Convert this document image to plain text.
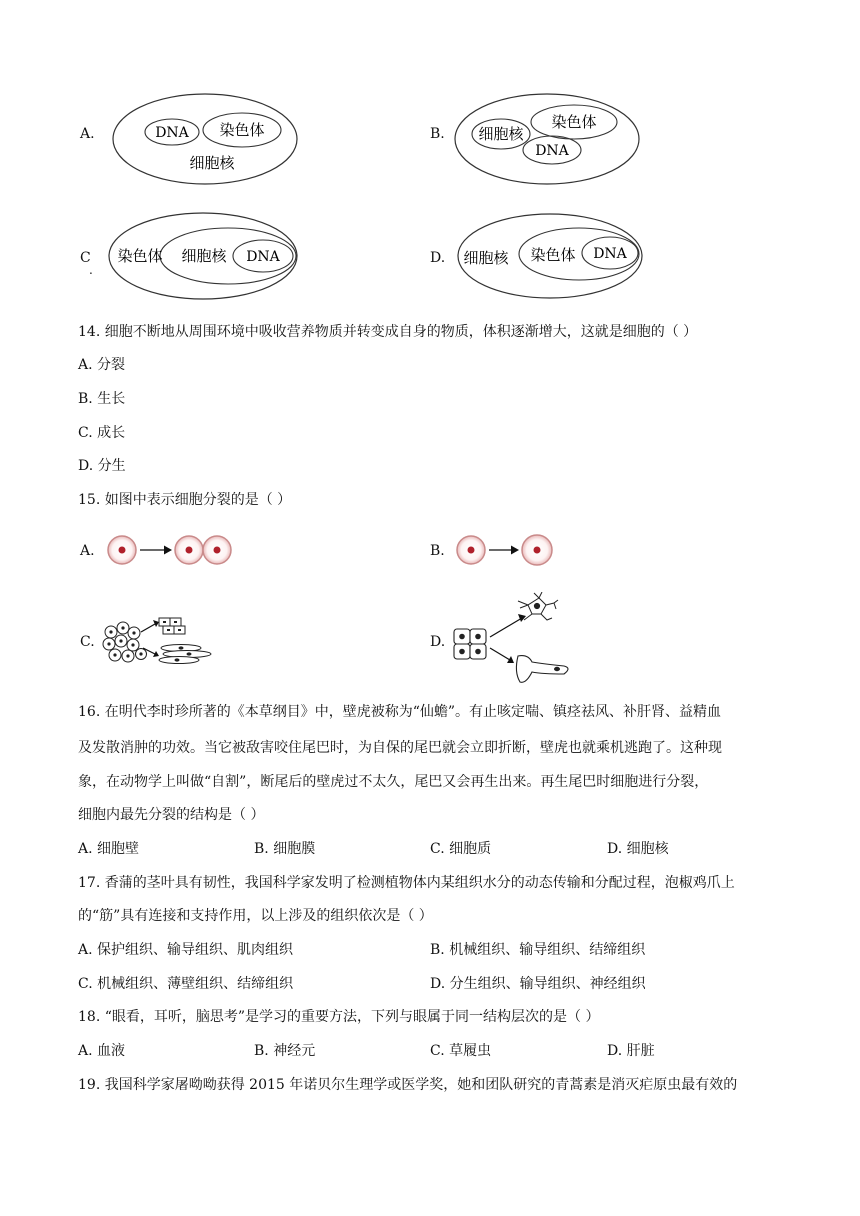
A.	DNA 染色体
细胞核
B. 细胞核
染色体
DNA
C
.
染色体 细胞核 DNA	D. 细胞核 染色体 DNA
14. 细胞不断地从周围环境中吸收营养物质并转变成自身的物质，体积逐渐增大，这就是细胞的（ ）
A. 分裂
B. 生长
C. 成长
D. 分生
15. 如图中表示细胞分裂的是（ ）
A.	B.
C.	D.
16. 在明代李时珍所著的《本草纲目》中，壁虎被称为“仙蟾”。有止咳定喘、镇痉祛风、补肝肾、益精血
及发散消肿的功效。当它被敌害咬住尾巴时，为自保的尾巴就会立即折断，壁虎也就乘机逃跑了。这种现
象，在动物学上叫做“自割”，断尾后的壁虎过不太久，尾巴又会再生出来。再生尾巴时细胞进行分裂，
细胞内最先分裂的结构是（ ）
A. 细胞壁	B. 细胞膜	C. 细胞质	D. 细胞核
17. 香蒲的茎叶具有韧性，我国科学家发明了检测植物体内某组织水分的动态传输和分配过程，泡椒鸡爪上
的“筋”具有连接和支持作用，以上涉及的组织依次是（ ）
A. 保护组织、输导组织、肌肉组织	B. 机械组织、输导组织、结缔组织
C. 机械组织、薄壁组织、结缔组织	D. 分生组织、输导组织、神经组织
18. “眼看，耳听，脑思考”是学习的重要方法，下列与眼属于同一结构层次的是（ ）
A. 血液	B. 神经元	C. 草履虫	D. 肝脏
19. 我国科学家屠呦呦获得 2015 年诺贝尔生理学或医学奖，她和团队研究的青蒿素是消灭疟原虫最有效的
